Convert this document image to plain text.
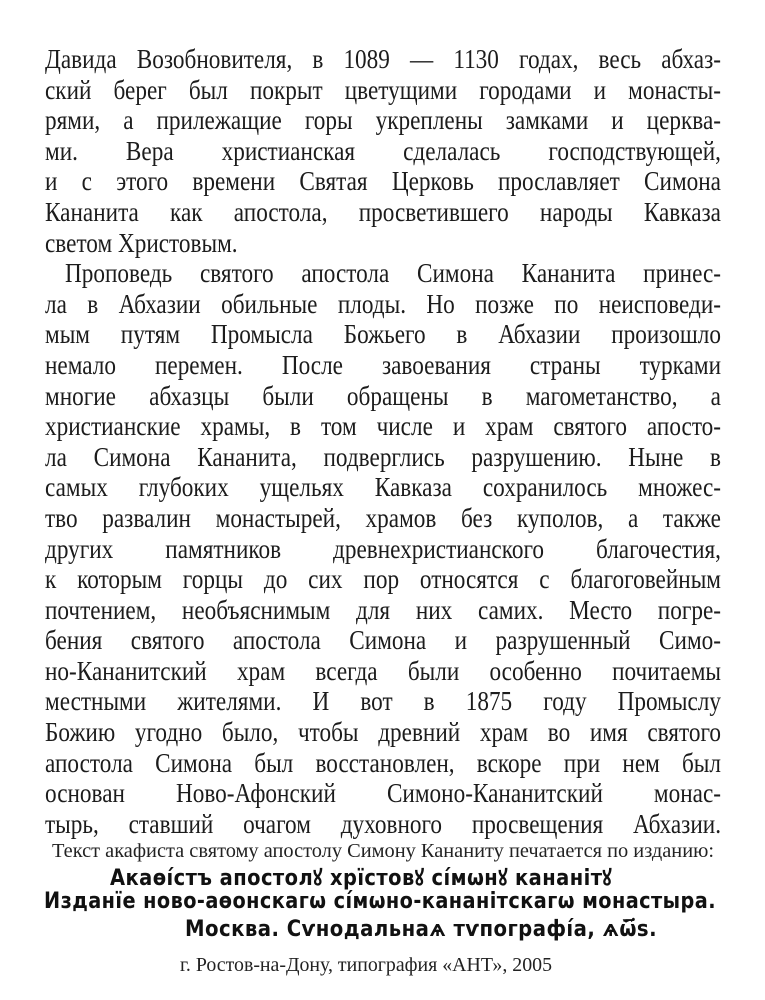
Давида Возобновителя, в 1089 — 1130 годах, весь абхаз-
ский берег был покрыт цветущими городами и монасты-
рями, а прилежащие горы укреплены замками и церква-
ми. Вера христианская сделалась господствующей,
и с этого времени Святая Церковь прославляет Симона
Кананита как апостола, просветившего народы Кавказа
светом Христовым.
Проповедь святого апостола Симона Кананита принес-
ла в Абхазии обильные плоды. Но позже по неисповеди-
мым путям Промысла Божьего в Абхазии произошло
немало перемен. После завоевания страны турками
многие абхазцы были обращены в магометанство, а
христианские храмы, в том числе и храм святого апосто-
ла Симона Кананита, подверглись разрушению. Ныне в
самых глубоких ущельях Кавказа сохранилось множес-
тво развалин монастырей, храмов без куполов, а также
других памятников древнехристианского благочестия,
к которым горцы до сих пор относятся с благоговейным
почтением, необъяснимым для них самих. Место погре-
бения святого апостола Симона и разрушенный Симо-
но-Кананитский храм всегда были особенно почитаемы
местными жителями. И вот в 1875 году Промыслу
Божию угодно было, чтобы древний храм во имя святого
апостола Симона был восстановлен, вскоре при нем был
основан Ново-Афонский Симоно-Кананитский монас-
тырь, ставший очагом духовного просвещения Абхазии.
Текст акафиста святому апостолу Симону Кананиту печатается по изданию:
Акаѳі́стъ апостолꙋ хрїстовꙋ сі́мѡнꙋ кананітꙋ
Изданїе ново-аѳонскагѡ сі́мѡно-кананітскагѡ монастыра.
Москва. Сѵнодальнаѧ тѵпографі́а, ѧѿ҃ѕ.
г. Ростов-на-Дону, типография «АНТ», 2005
